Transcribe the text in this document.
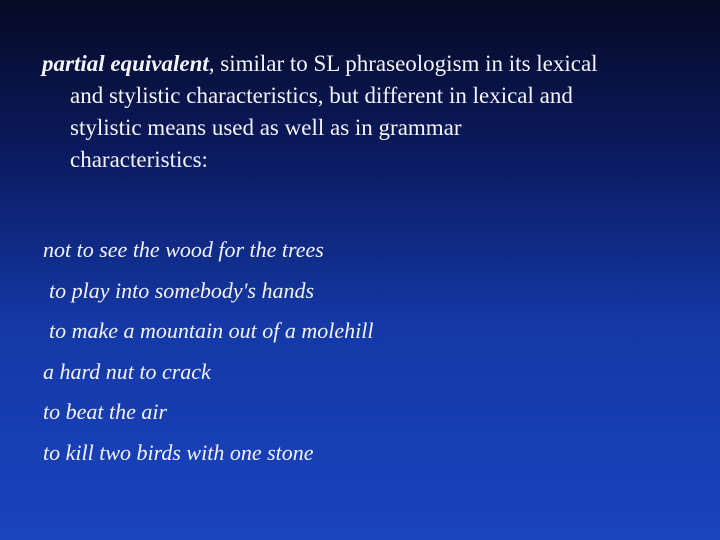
partial equivalent, similar to SL phraseologism in its lexical
and stylistic characteristics, but different in lexical and
stylistic means used as well as in grammar
characteristics:
not to see the wood for the trees
to play into somebody's hands
to make a mountain out of a molehill
a hard nut to crack
to beat the air
to kill two birds with one stone
